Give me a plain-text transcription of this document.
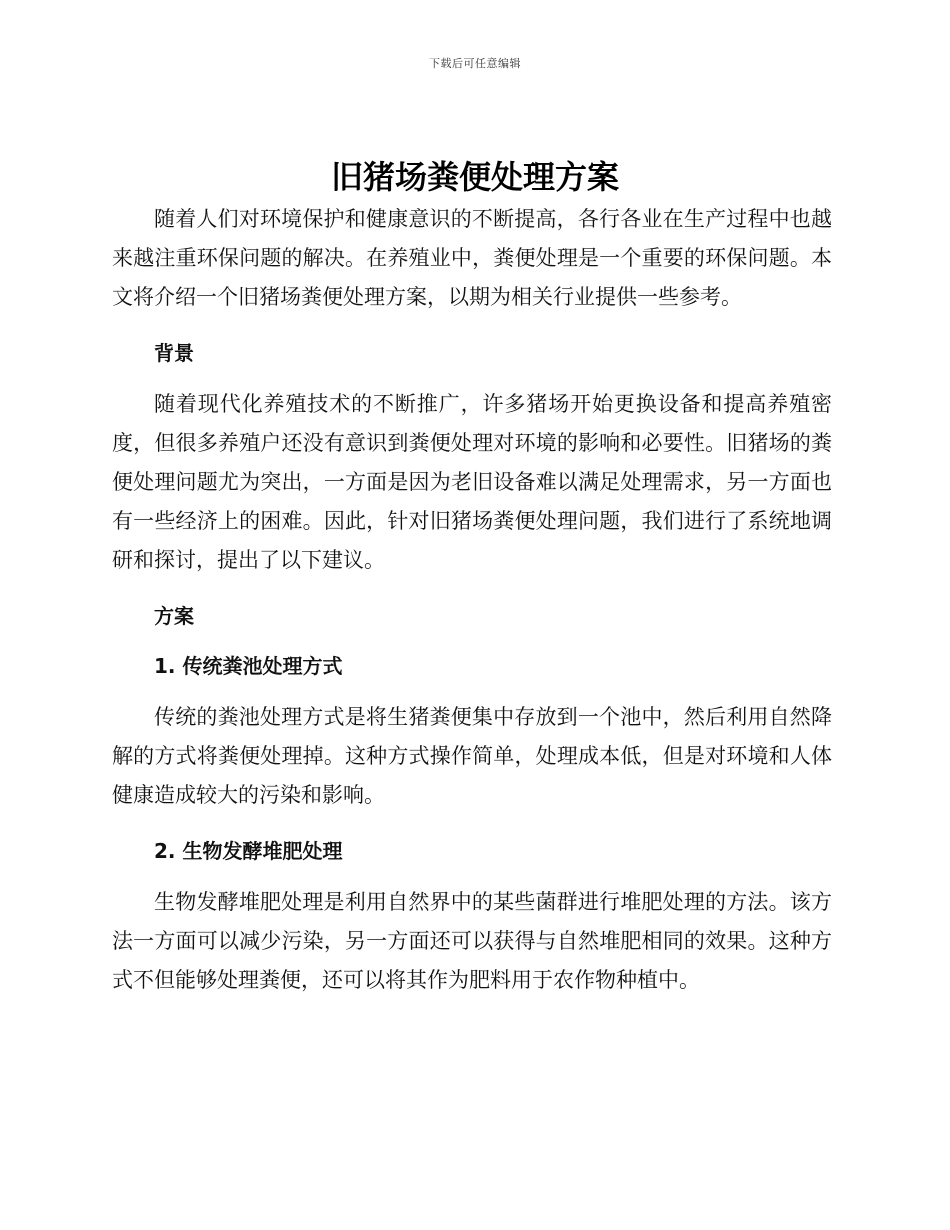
下载后可任意编辑
旧猪场粪便处理方案

随着人们对环境保护和健康意识的不断提高，各行各业在生产过程中也越来越注重环保问题的解决。在养殖业中，粪便处理是一个重要的环保问题。本文将介绍一个旧猪场粪便处理方案，以期为相关行业提供一些参考。

背景

随着现代化养殖技术的不断推广，许多猪场开始更换设备和提高养殖密度，但很多养殖户还没有意识到粪便处理对环境的影响和必要性。旧猪场的粪便处理问题尤为突出，一方面是因为老旧设备难以满足处理需求，另一方面也有一些经济上的困难。因此，针对旧猪场粪便处理问题，我们进行了系统地调研和探讨，提出了以下建议。

方案

1. 传统粪池处理方式

传统的粪池处理方式是将生猪粪便集中存放到一个池中，然后利用自然降解的方式将粪便处理掉。这种方式操作简单，处理成本低，但是对环境和人体健康造成较大的污染和影响。

2. 生物发酵堆肥处理

生物发酵堆肥处理是利用自然界中的某些菌群进行堆肥处理的方法。该方法一方面可以减少污染，另一方面还可以获得与自然堆肥相同的效果。这种方式不但能够处理粪便，还可以将其作为肥料用于农作物种植中。
